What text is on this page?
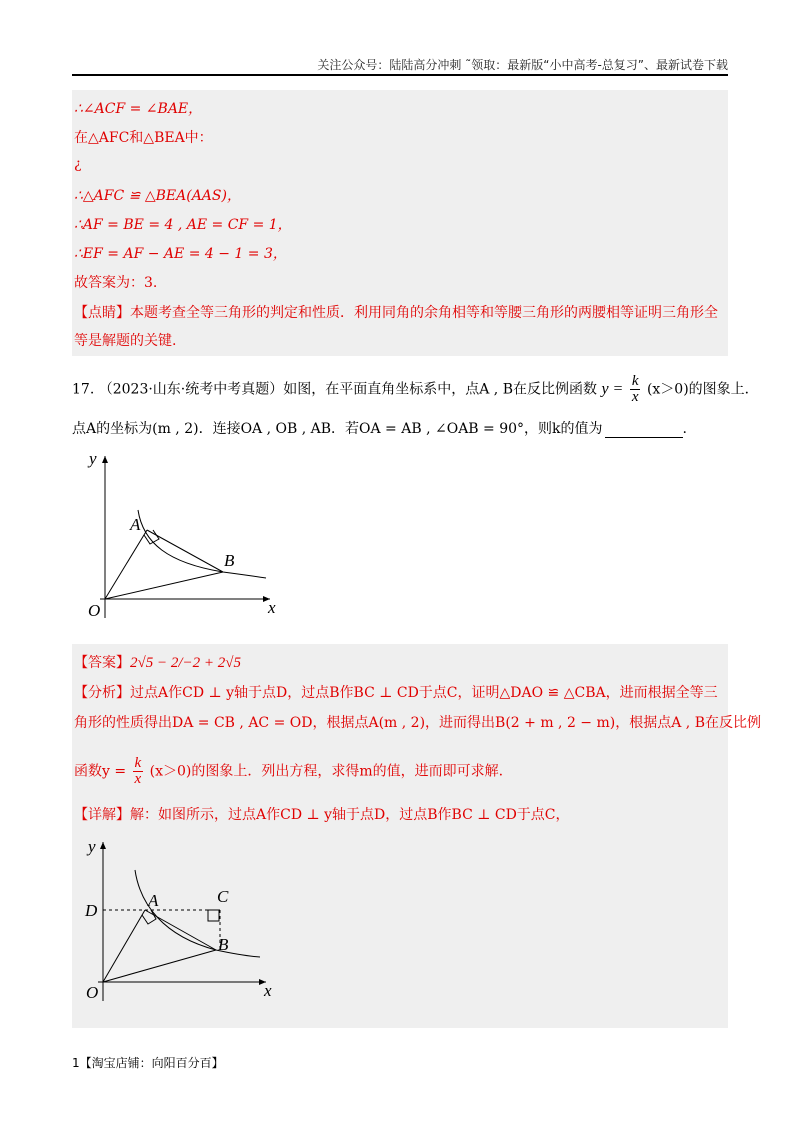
关注公众号：陆陆高分冲刺 ˜领取：最新版“小中高考-总复习”、最新试卷下载
∴∠ACF = ∠BAE，
在△AFC和△BEA中：
¿
∴△AFC ≌ △BEA(AAS)，
∴AF = BE = 4 , AE = CF = 1，
∴EF = AF − AE = 4 − 1 = 3，
故答案为：3.
【点睛】本题考查全等三角形的判定和性质．利用同角的余角相等和等腰三角形的两腰相等证明三角形全
等是解题的关键.
17. （2023·山东·统考中考真题）如图，在平面直角坐标系中，点A , B在反比例函数 $y = \frac{k}{x} (x>0)$的图象上．
点A的坐标为(m , 2)．连接OA , OB , AB．若OA = AB , ∠OAB = 90°，则k的值为	.
y
x
O
A
B
【答案】2√5 − 2/−2 + 2√5
【分析】过点A作CD ⊥ y轴于点D，过点B作BC ⊥ CD于点C，证明△DAO ≌ △CBA，进而根据全等三
角形的性质得出DA = CB , AC = OD，根据点A(m , 2)，进而得出B(2 + m , 2 − m)，根据点A , B在反比例
函数$y = \frac{k}{x} (x>0)$的图象上．列出方程，求得m的值，进而即可求解.
【详解】解：如图所示，过点A作CD ⊥ y轴于点D，过点B作BC ⊥ CD于点C，
y
x
O
D
A	C
B
1【淘宝店铺：向阳百分百】
